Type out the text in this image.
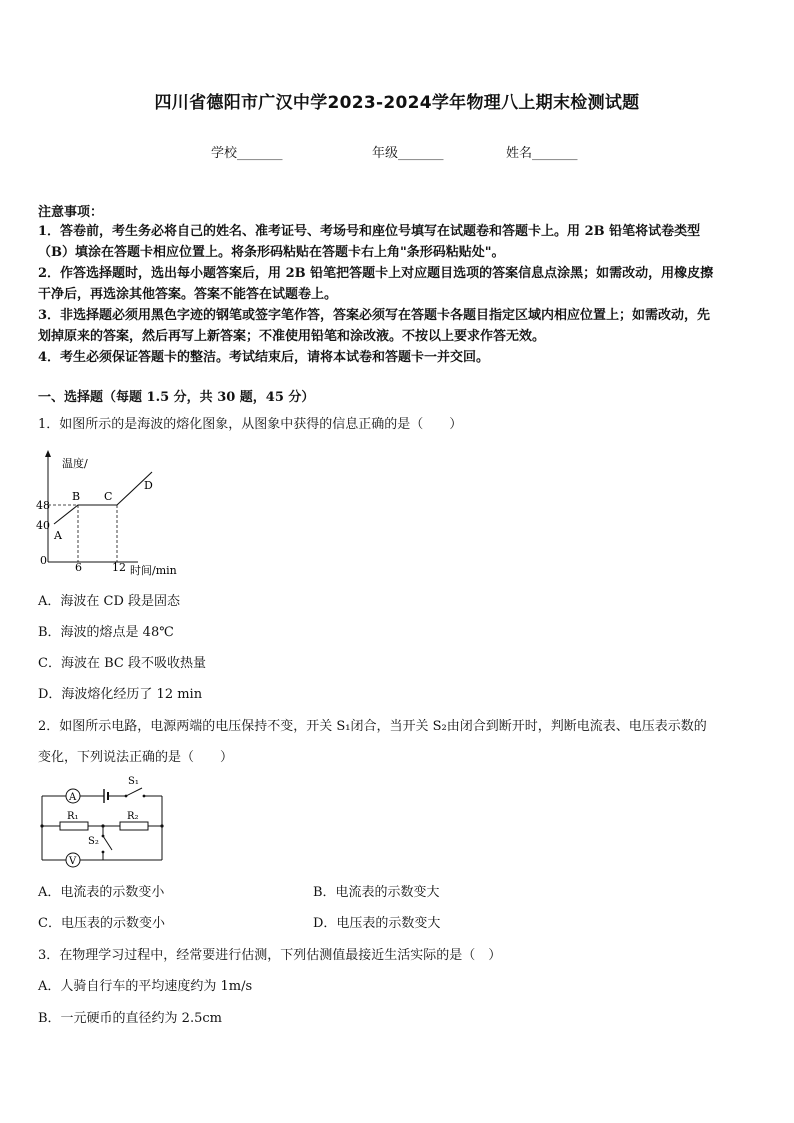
四川省德阳市广汉中学2023-2024学年物理八上期末检测试题
学校_______	年级_______	姓名_______
注意事项：
1．答卷前，考生务必将自己的姓名、准考证号、考场号和座位号填写在试题卷和答题卡上。用 2B 铅笔将试卷类型
（B）填涂在答题卡相应位置上。将条形码粘贴在答题卡右上角"条形码粘贴处"。
2．作答选择题时，选出每小题答案后，用 2B 铅笔把答题卡上对应题目选项的答案信息点涂黑；如需改动，用橡皮擦
干净后，再选涂其他答案。答案不能答在试题卷上。
3．非选择题必须用黑色字迹的钢笔或签字笔作答，答案必须写在答题卡各题目指定区域内相应位置上；如需改动，先
划掉原来的答案，然后再写上新答案；不准使用铅笔和涂改液。不按以上要求作答无效。
4．考生必须保证答题卡的整洁。考试结束后，请将本试卷和答题卡一并交回。
一、选择题（每题 1.5 分，共 30 题，45 分）
1．如图所示的是海波的熔化图象，从图象中获得的信息正确的是（　　）
温度/
时间/min
0
48
40
6	12
A
B C
D
A．海波在 CD 段是固态
B．海波的熔点是 48℃
C．海波在 BC 段不吸收热量
D．海波熔化经历了 12 min
2．如图所示电路，电源两端的电压保持不变，开关 S₁闭合，当开关 S₂由闭合到断开时，判断电流表、电压表示数的
变化，下列说法正确的是（　　）
A
S₁
R₁	R₂
S₂
V
A．电流表的示数变小	B．电流表的示数变大
C．电压表的示数变小	D．电压表的示数变大
3．在物理学习过程中，经常要进行估测，下列估测值最接近生活实际的是（　）
A．人骑自行车的平均速度约为 1m/s
B．一元硬币的直径约为 2.5cm
